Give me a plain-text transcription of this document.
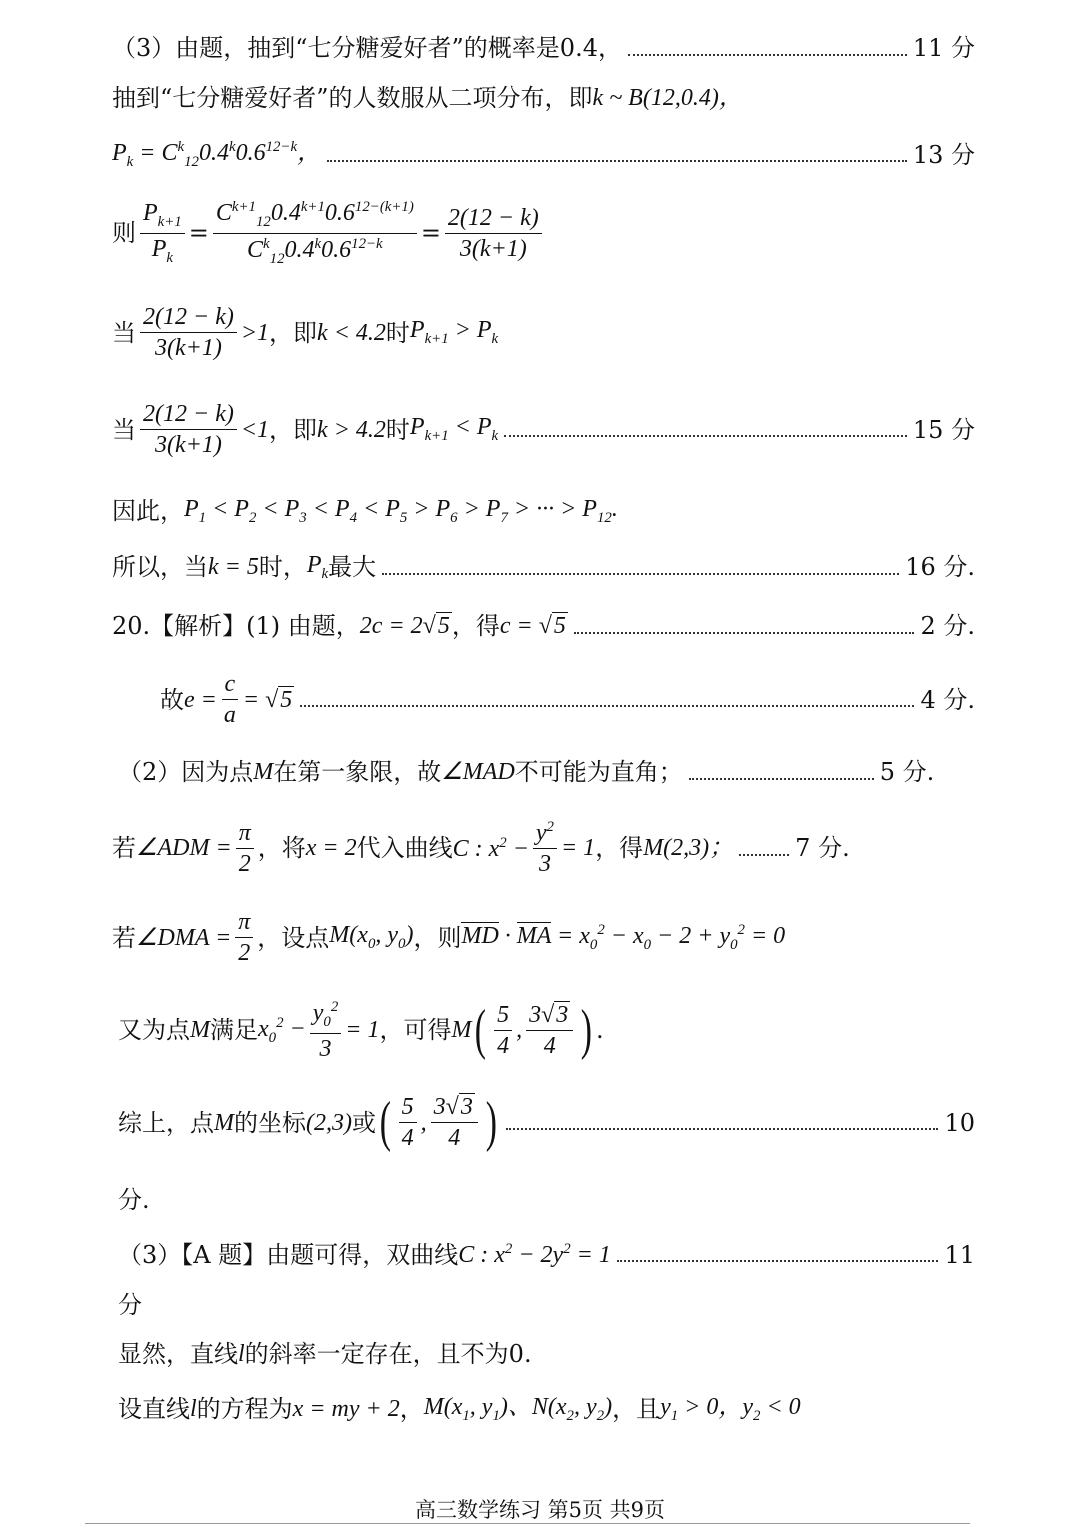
（3）由题，抽到“七分糖爱好者”的概率是0.4，	11 分
抽到“七分糖爱好者”的人数服从二项分布，即 k ~ B(12,0.4)，
$P_k = C^k_{12}0.4^k0.6^{12-k}$，	13 分
则 $\frac{P_{k+1}}{P_k} = \frac{C^{k+1}_{12}0.4^{k+1}0.6^{12-(k+1)}}{C^k_{12}0.4^k0.6^{12-k}} = \frac{2(12 - k)}{3(k+1)}$
当 $\frac{2(12 - k)}{3(k+1)} >1$ ，即 k < 4.2 时 $P_{k+1} > P_k$
当 $\frac{2(12 - k)}{3(k+1)} <1$ ，即 k > 4.2 时 $P_{k+1} < P_k$	15 分
因此， $P_1 < P_2 < P_3 < P_4 < P_5 > P_6 > P_7$ > ··· > $P_{12}$.
所以，当 k = 5 时， $P_k$ 最大	16 分.
20.【解析】(1) 由题， 2c = 2√5 ，得 c = √5	2 分.
故 $e = \frac{c}{a} = √5$	4 分.
（2）因为点 M 在第一象限，故 ∠MAD 不可能为直角；	5 分.
若 ∠ADM = $\frac{\pi}{2}$ ，将 x = 2 代入曲线 C : $x^2 - \frac{y^2}{3} = 1$ ，得 M(2,3)；	7 分.
若 ∠DMA = $\frac{\pi}{2}$ ，设点 $M(x_0$, $y_0$) ，则 MD · MA = $x_0^2 - x_0 - 2 + y_0^2 = 0$
又为点 M 满足 $x_0^2 - \frac{y_0^2}{3} = 1$ ，可得 M ( $\frac{5}{4}$ , $\frac{3√3}{4}$ ) .
综上，点 M 的坐标 (2,3) 或 ( $\frac{5}{4}$ , $\frac{3√3}{4}$ )	10
分.
（3）【A 题】由题可得，双曲线 C : $x^2 - 2y^2 = 1$	11
分
显然，直线 l 的斜率一定存在，且不为0.
设直线 l 的方程为 x = my + 2 ， $M(x_1$, $y_1$)、$N(x_2$, $y_2$) ，且 $y_1 > 0$，$y_2 < 0$
高三数学练习 第5页 共9页
